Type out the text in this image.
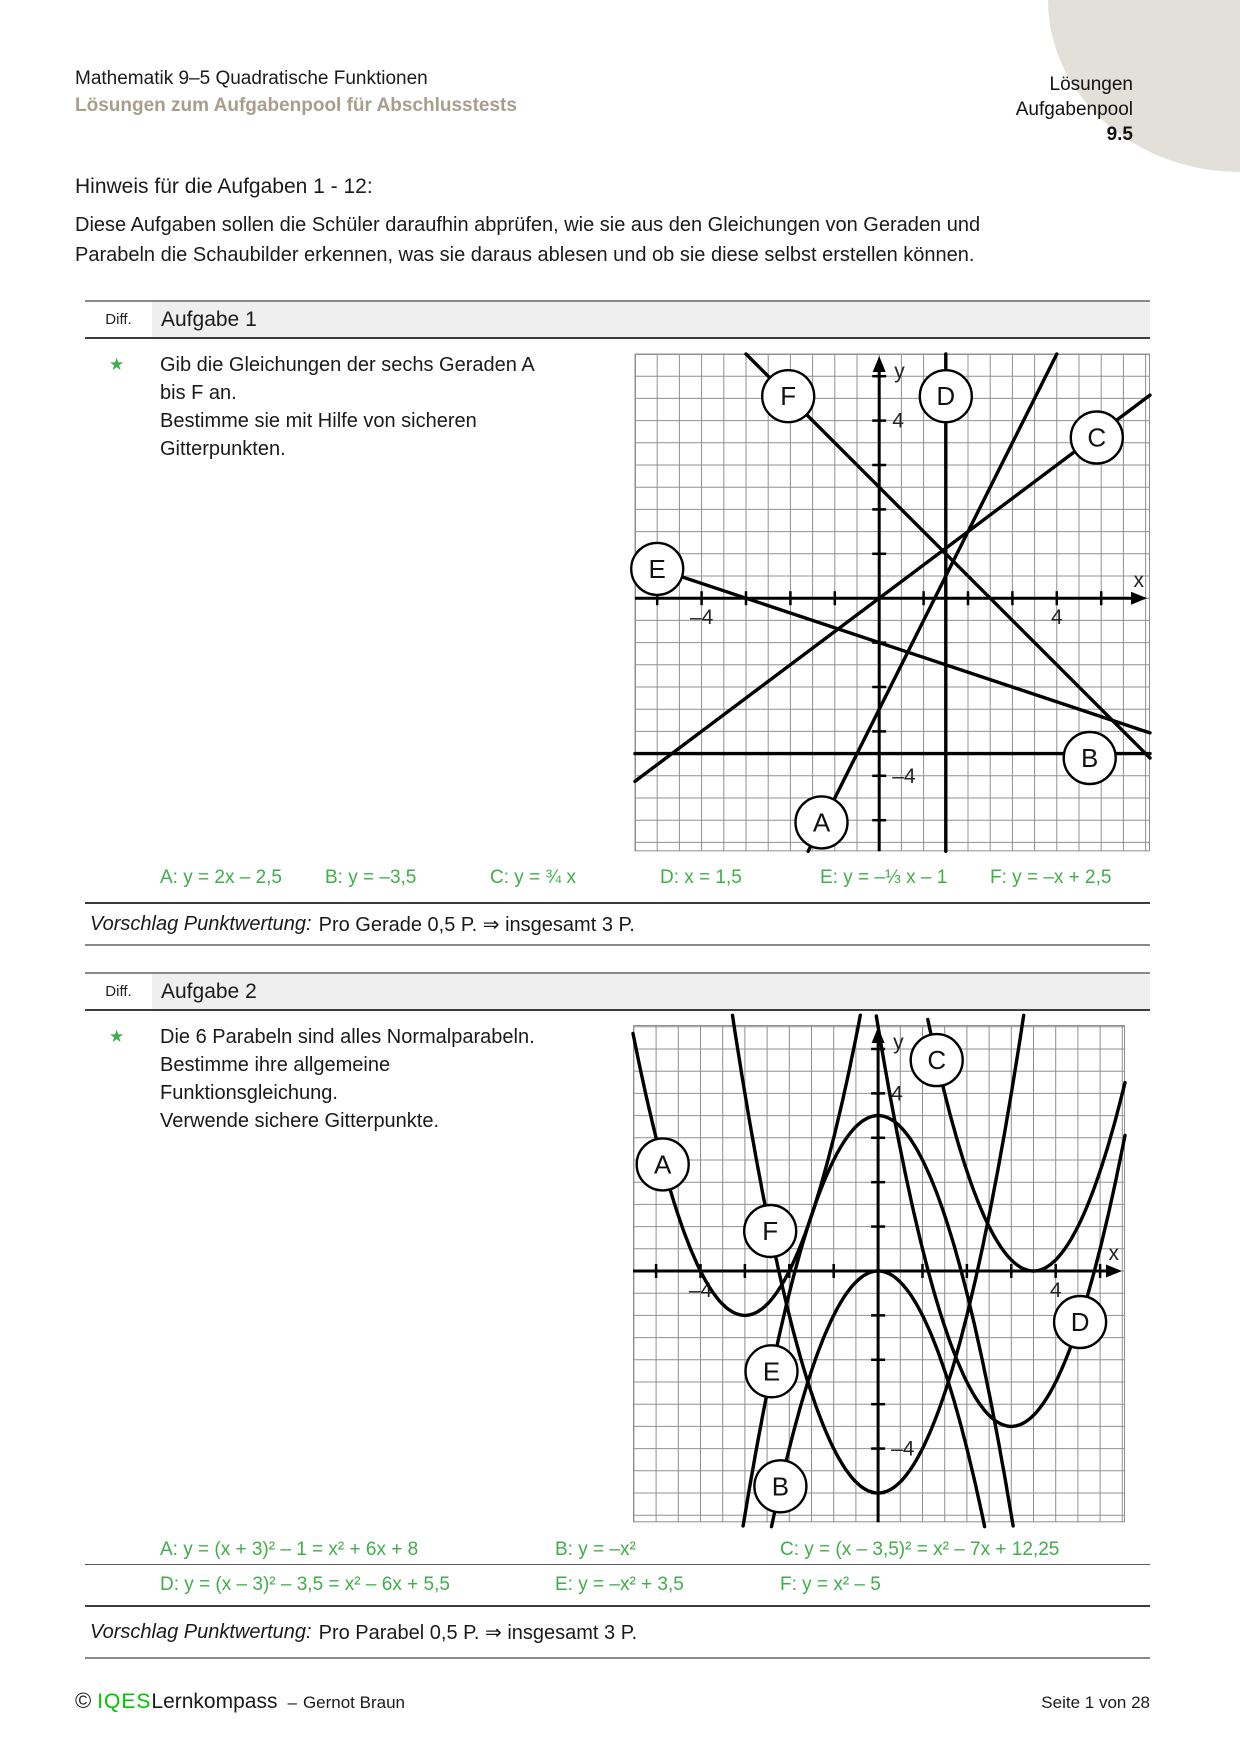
Lösungen
Aufgabenpool
9.5
Mathematik 9–5 Quadratische Funktionen
Lösungen zum Aufgabenpool für Abschlusstests
Hinweis für die Aufgaben 1 - 12:
Diese Aufgaben sollen die Schüler daraufhin abprüfen, wie sie aus den Gleichungen von Geraden und
Parabeln die Schaubilder erkennen, was sie daraus ablesen und ob sie diese selbst erstellen können.
Diff.	Aufgabe 1
★ Gib die Gleichungen der sechs Geraden A bis F an.

Bestimme sie mit Hilfe von sicheren Gitterpunkten.

–4	4
4
–4
y
x
A
B
C
D
E
F
A: y = 2x – 2,5	B: y = –3,5	C: y = ¾ x	D: x = 1,5	E: y = –⅓ x – 1	F: y = –x + 2,5
Vorschlag Punktwertung: Pro Gerade 0,5 P. ⇒ insgesamt 3 P.
Diff.	Aufgabe 2
★ Die 6 Parabeln sind alles Normalparabeln.

Bestimme ihre allgemeine Funktionsgleichung.

Verwende sichere Gitterpunkte.

–4	4
4
–4
y
x
A
B
C
D
E
F
A: y = (x + 3)² – 1 = x² + 6x + 8	B: y = –x²	C: y = (x – 3,5)² = x² – 7x + 12,25
D: y = (x – 3)² – 3,5 = x² – 6x + 5,5	E: y = –x² + 3,5	F: y = x² – 5
Vorschlag Punktwertung: Pro Parabel 0,5 P. ⇒ insgesamt 3 P.
© IQES Lernkompass – Gernot Braun	Seite 1 von 28
